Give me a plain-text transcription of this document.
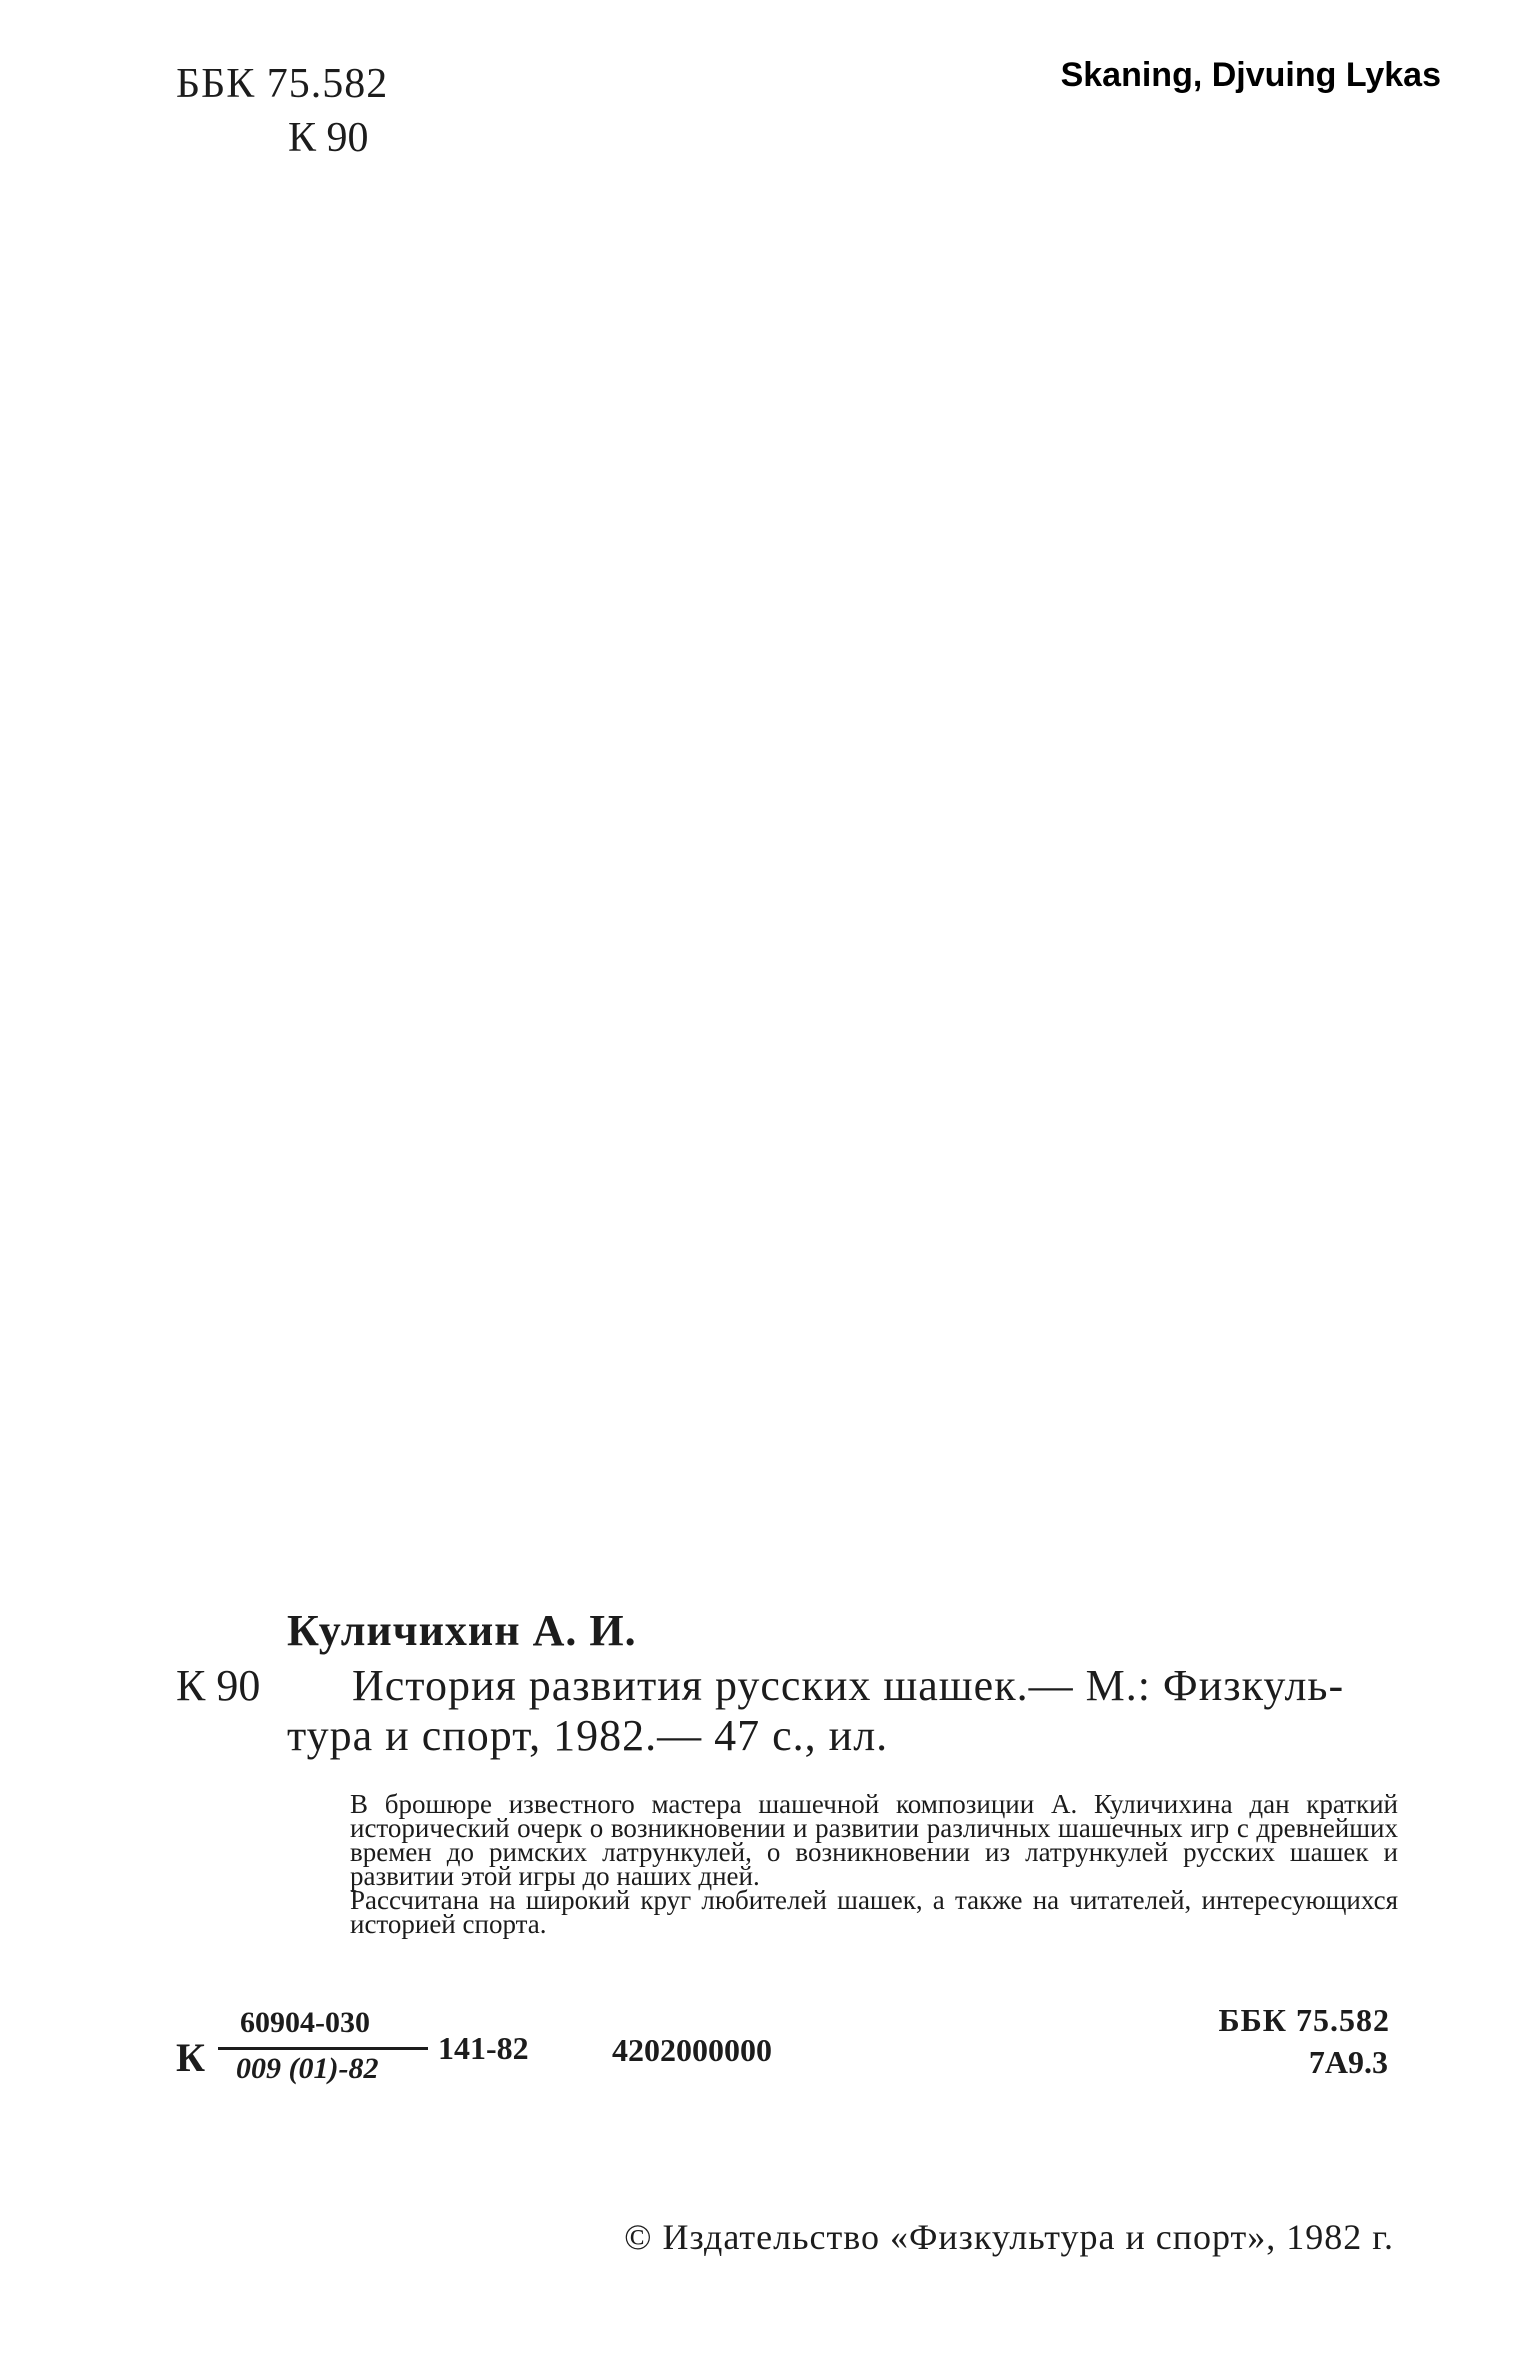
ББК 75.582
К 90
Skaning, Djvuing Lykas
Куличихин А. И.
К 90 История развития русских шашек.— М.: Физкуль-
тура и спорт, 1982.— 47 с., ил.

В брошюре известного мастера шашечной композиции А. Куличихина дан краткий исторический очерк о возникновении и развитии различных шашечных игр с древнейших времен до римских латрункулей, о возникновении из латрункулей русских шашек и развитии этой игры до наших дней.

Рассчитана на широкий круг любителей шашек, а также на читателей, интересующихся историей спорта.

К
60904-030
009 (01)-82
141-82	4202000000
ББК 75.582
7А9.3
© Издательство «Физкультура и спорт», 1982 г.
